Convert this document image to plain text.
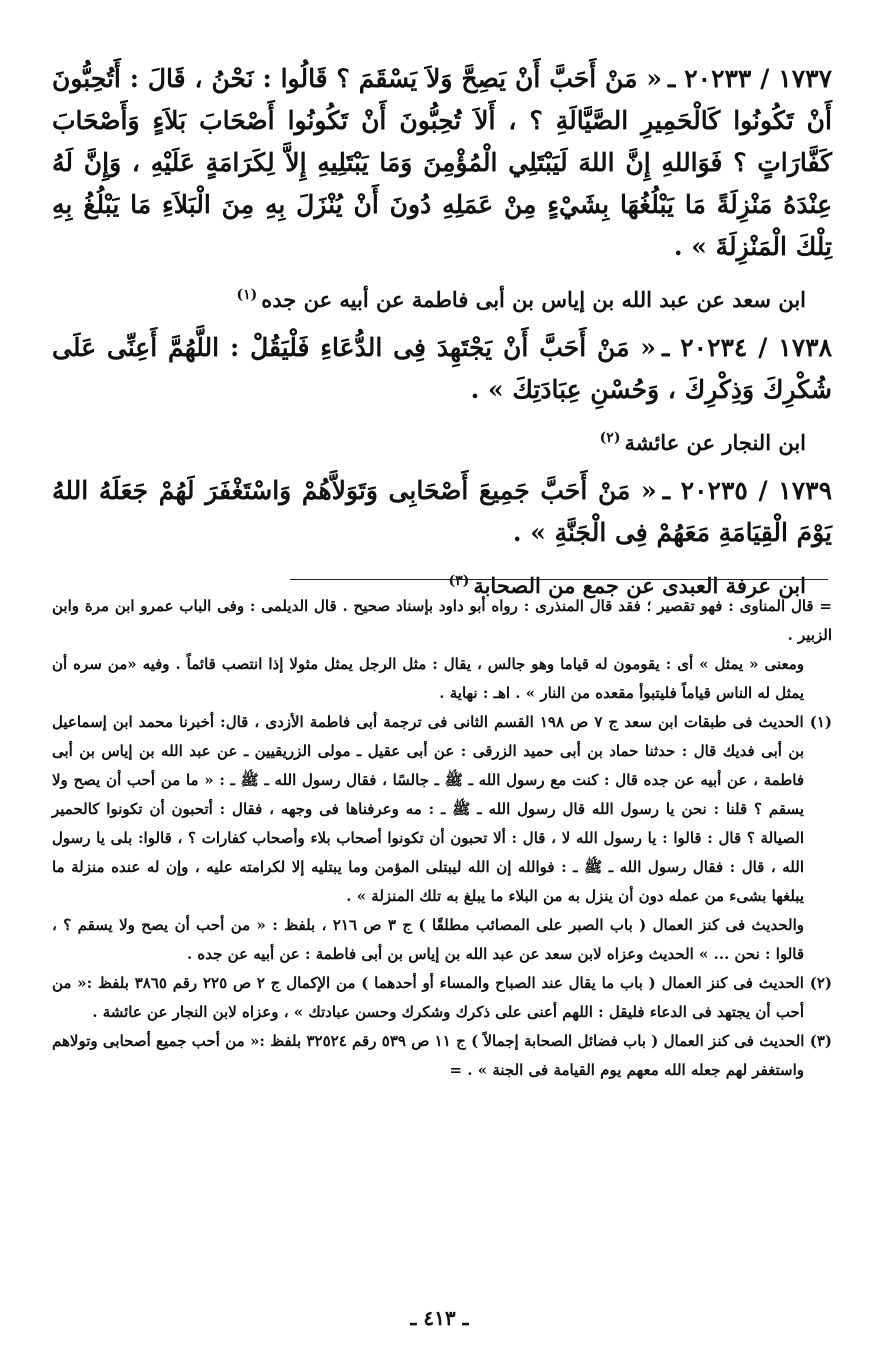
١٧٣٧ / ٢٠٢٣٣ ـ« مَنْ أَحَبَّ أَنْ يَصِحَّ وَلاَ يَسْقَمَ ؟ قَالُوا : نَحْنُ ، قَالَ : أَتُحِبُّونَ أَنْ تَكُونُوا كَالْحَمِيرِ الصَّيَّالَةِ ؟ ، أَلاَ تُحِبُّونَ أَنْ تَكُونُوا أَصْحَابَ بَلاَءٍ وَأَصْحَابَ كَفَّارَاتٍ ؟ فَوَاللهِ إِنَّ اللهَ لَيَبْتَلِي الْمُؤْمِنَ وَمَا يَبْتَلِيهِ إِلاَّ لِكَرَامَةٍ عَلَيْهِ ، وَإِنَّ لَهُ عِنْدَهُ مَنْزِلَةً مَا يَبْلُغُهَا بِشَيْءٍ مِنْ عَمَلِهِ دُونَ أَنْ يُنْزَلَ بِهِ مِنَ الْبَلاَءِ مَا يَبْلُغُ بِهِ تِلْكَ الْمَنْزِلَةَ » .

ابن سعد عن عبد الله بن إياس بن أبى فاطمة عن أبيه عن جده$^{(١)}$

١٧٣٨ / ٢٠٢٣٤ ـ« مَنْ أَحَبَّ أَنْ يَجْتَهِدَ فِى الدُّعَاءِ فَلْيَقُلْ : اللَّهُمَّ أَعِنِّى عَلَى شُكْرِكَ وَذِكْرِكَ ، وَحُسْنِ عِبَادَتِكَ » .

ابن النجار عن عائشة$^{(٢)}$

١٧٣٩ / ٢٠٢٣٥ ـ« مَنْ أَحَبَّ جَمِيعَ أَصْحَابِى وَتَوَلاَّهُمْ وَاسْتَغْفَرَ لَهُمْ جَعَلَهُ اللهُ يَوْمَ الْقِيَامَةِ مَعَهُمْ فِى الْجَنَّةِ » .

ابن عرفة العبدى عن جمع من الصحابة$^{(٣)}$

= قال المناوى : فهو تقصير ؛ فقد قال المنذرى : رواه أبو داود بإسناد صحيح . قال الديلمى : وفى الباب عمرو ابن مرة وابن الزبير .

ومعنى « يمثل » أى : يقومون له قياما وهو جالس ، يقال : مثل الرجل يمثل مثولا إذا انتصب قائماً . وفيه «من سره أن يمثل له الناس قياماً فليتبوأ مقعده من النار » . اهـ : نهاية .

(١) الحديث فى طبقات ابن سعد ج ٧ ص ١٩٨ القسم الثانى فى ترجمة أبى فاطمة الأزدى ، قال: أخبرنا محمد ابن إسماعيل بن أبى فديك قال : حدثنا حماد بن أبى حميد الزرقى : عن أبى عقيل ـ مولى الزريقيين ـ عن عبد الله بن إياس بن أبى فاطمة ، عن أبيه عن جده قال : كنت مع رسول الله ـ ﷺ ـ جالسًا ، فقال رسول الله ـ ﷺ ـ : « ما من أحب أن يصح ولا يسقم ؟ قلنا : نحن يا رسول الله قال رسول الله ـ ﷺ ـ : مه وعرفناها فى وجهه ، فقال : أتحبون أن تكونوا كالحمير الصيالة ؟ قال : قالوا : يا رسول الله لا ، قال : ألا تحبون أن تكونوا أصحاب بلاء وأصحاب كفارات ؟ ، قالوا: بلى يا رسول الله ، قال : فقال رسول الله ـ ﷺ ـ : فوالله إن الله ليبتلى المؤمن وما يبتليه إلا لكرامته عليه ، وإن له عنده منزلة ما يبلغها بشىء من عمله دون أن ينزل به من البلاء ما يبلغ به تلك المنزلة » .

والحديث فى كنز العمال ( باب الصبر على المصائب مطلقًا ) ج ٣ ص ٢١٦ ، بلفظ : « من أحب أن يصح ولا يسقم ؟ ، قالوا : نحن ... » الحديث وعزاه لابن سعد عن عبد الله بن إياس بن أبى فاطمة : عن أبيه عن جده .

(٢) الحديث فى كنز العمال ( باب ما يقال عند الصباح والمساء أو أحدهما ) من الإكمال ج ٢ ص ٢٢٥ رقم ٣٨٦٥ بلفظ :« من أحب أن يجتهد فى الدعاء فليقل : اللهم أعنى على ذكرك وشكرك وحسن عبادتك » ، وعزاه لابن النجار عن عائشة .

(٣) الحديث فى كنز العمال ( باب فضائل الصحابة إجمالاً ) ج ١١ ص ٥٣٩ رقم ٣٢٥٢٤ بلفظ :« من أحب جميع أصحابى وتولاهم واستغفر لهم جعله الله معهم يوم القيامة فى الجنة » . =

ـ ٤١٣ ـ
